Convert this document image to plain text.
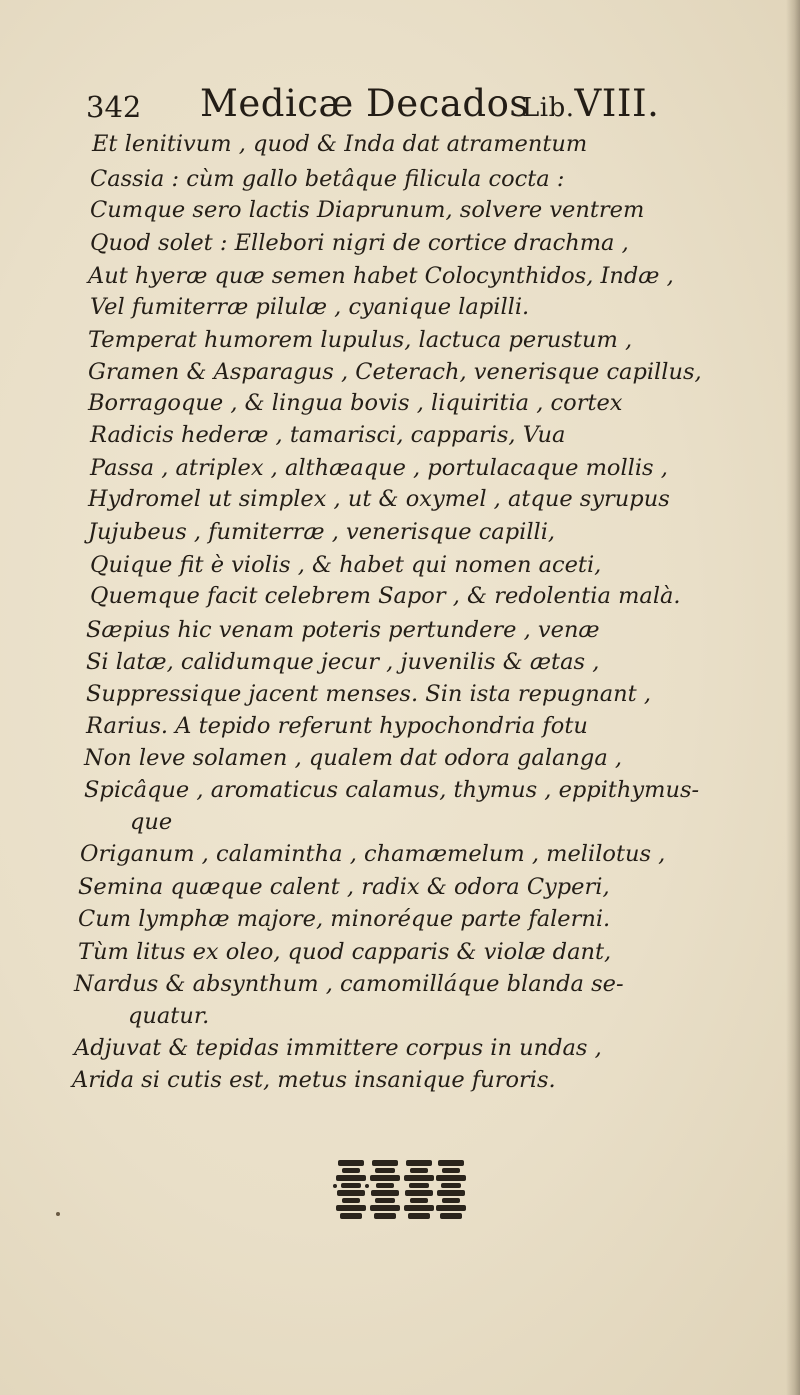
342 Medicæ Decados
Lib.VIII.
Et lenitivum , quod & Inda dat atramentum
Cassia : cùm gallo betâque filicula cocta :
Cumque sero lactis Diaprunum, solvere ventrem
Quod solet : Ellebori nigri de cortice drachma ,
Aut hyeræ quæ semen habet Colocynthidos, Indæ ,
Vel fumiterræ pilulæ , cyanique lapilli.
Temperat humorem lupulus, lactuca perustum ,
Gramen & Asparagus , Ceterach, venerisque capillus,
Borragoque , & lingua bovis , liquiritia , cortex
Radicis hederæ , tamarisci, capparis, Vua
Passa , atriplex , althæaque , portulacaque mollis ,
Hydromel ut simplex , ut & oxymel , atque syrupus
Jujubeus , fumiterræ , venerisque capilli,
Quique fit è violis , & habet qui nomen aceti,
Quemque facit celebrem Sapor , & redolentia malà.
Sæpius hic venam poteris pertundere , venæ
Si latæ, calidumque jecur , juvenilis & ætas ,
Suppressique jacent menses. Sin ista repugnant ,
Rarius. A tepido referunt hypochondria fotu
Non leve solamen , qualem dat odora galanga ,
Spicâque , aromaticus calamus, thymus , eppithymus-
que
Origanum , calamintha , chamæmelum , melilotus ,
Semina quæque calent , radix & odora Cyperi,
Cum lymphæ majore, minoréque parte falerni.
Tùm litus ex oleo, quod capparis & violæ dant,
Nardus & absynthum , camomilláque blanda se-
quatur.
Adjuvat & tepidas immittere corpus in undas ,
Arida si cutis est, metus insanique furoris.
